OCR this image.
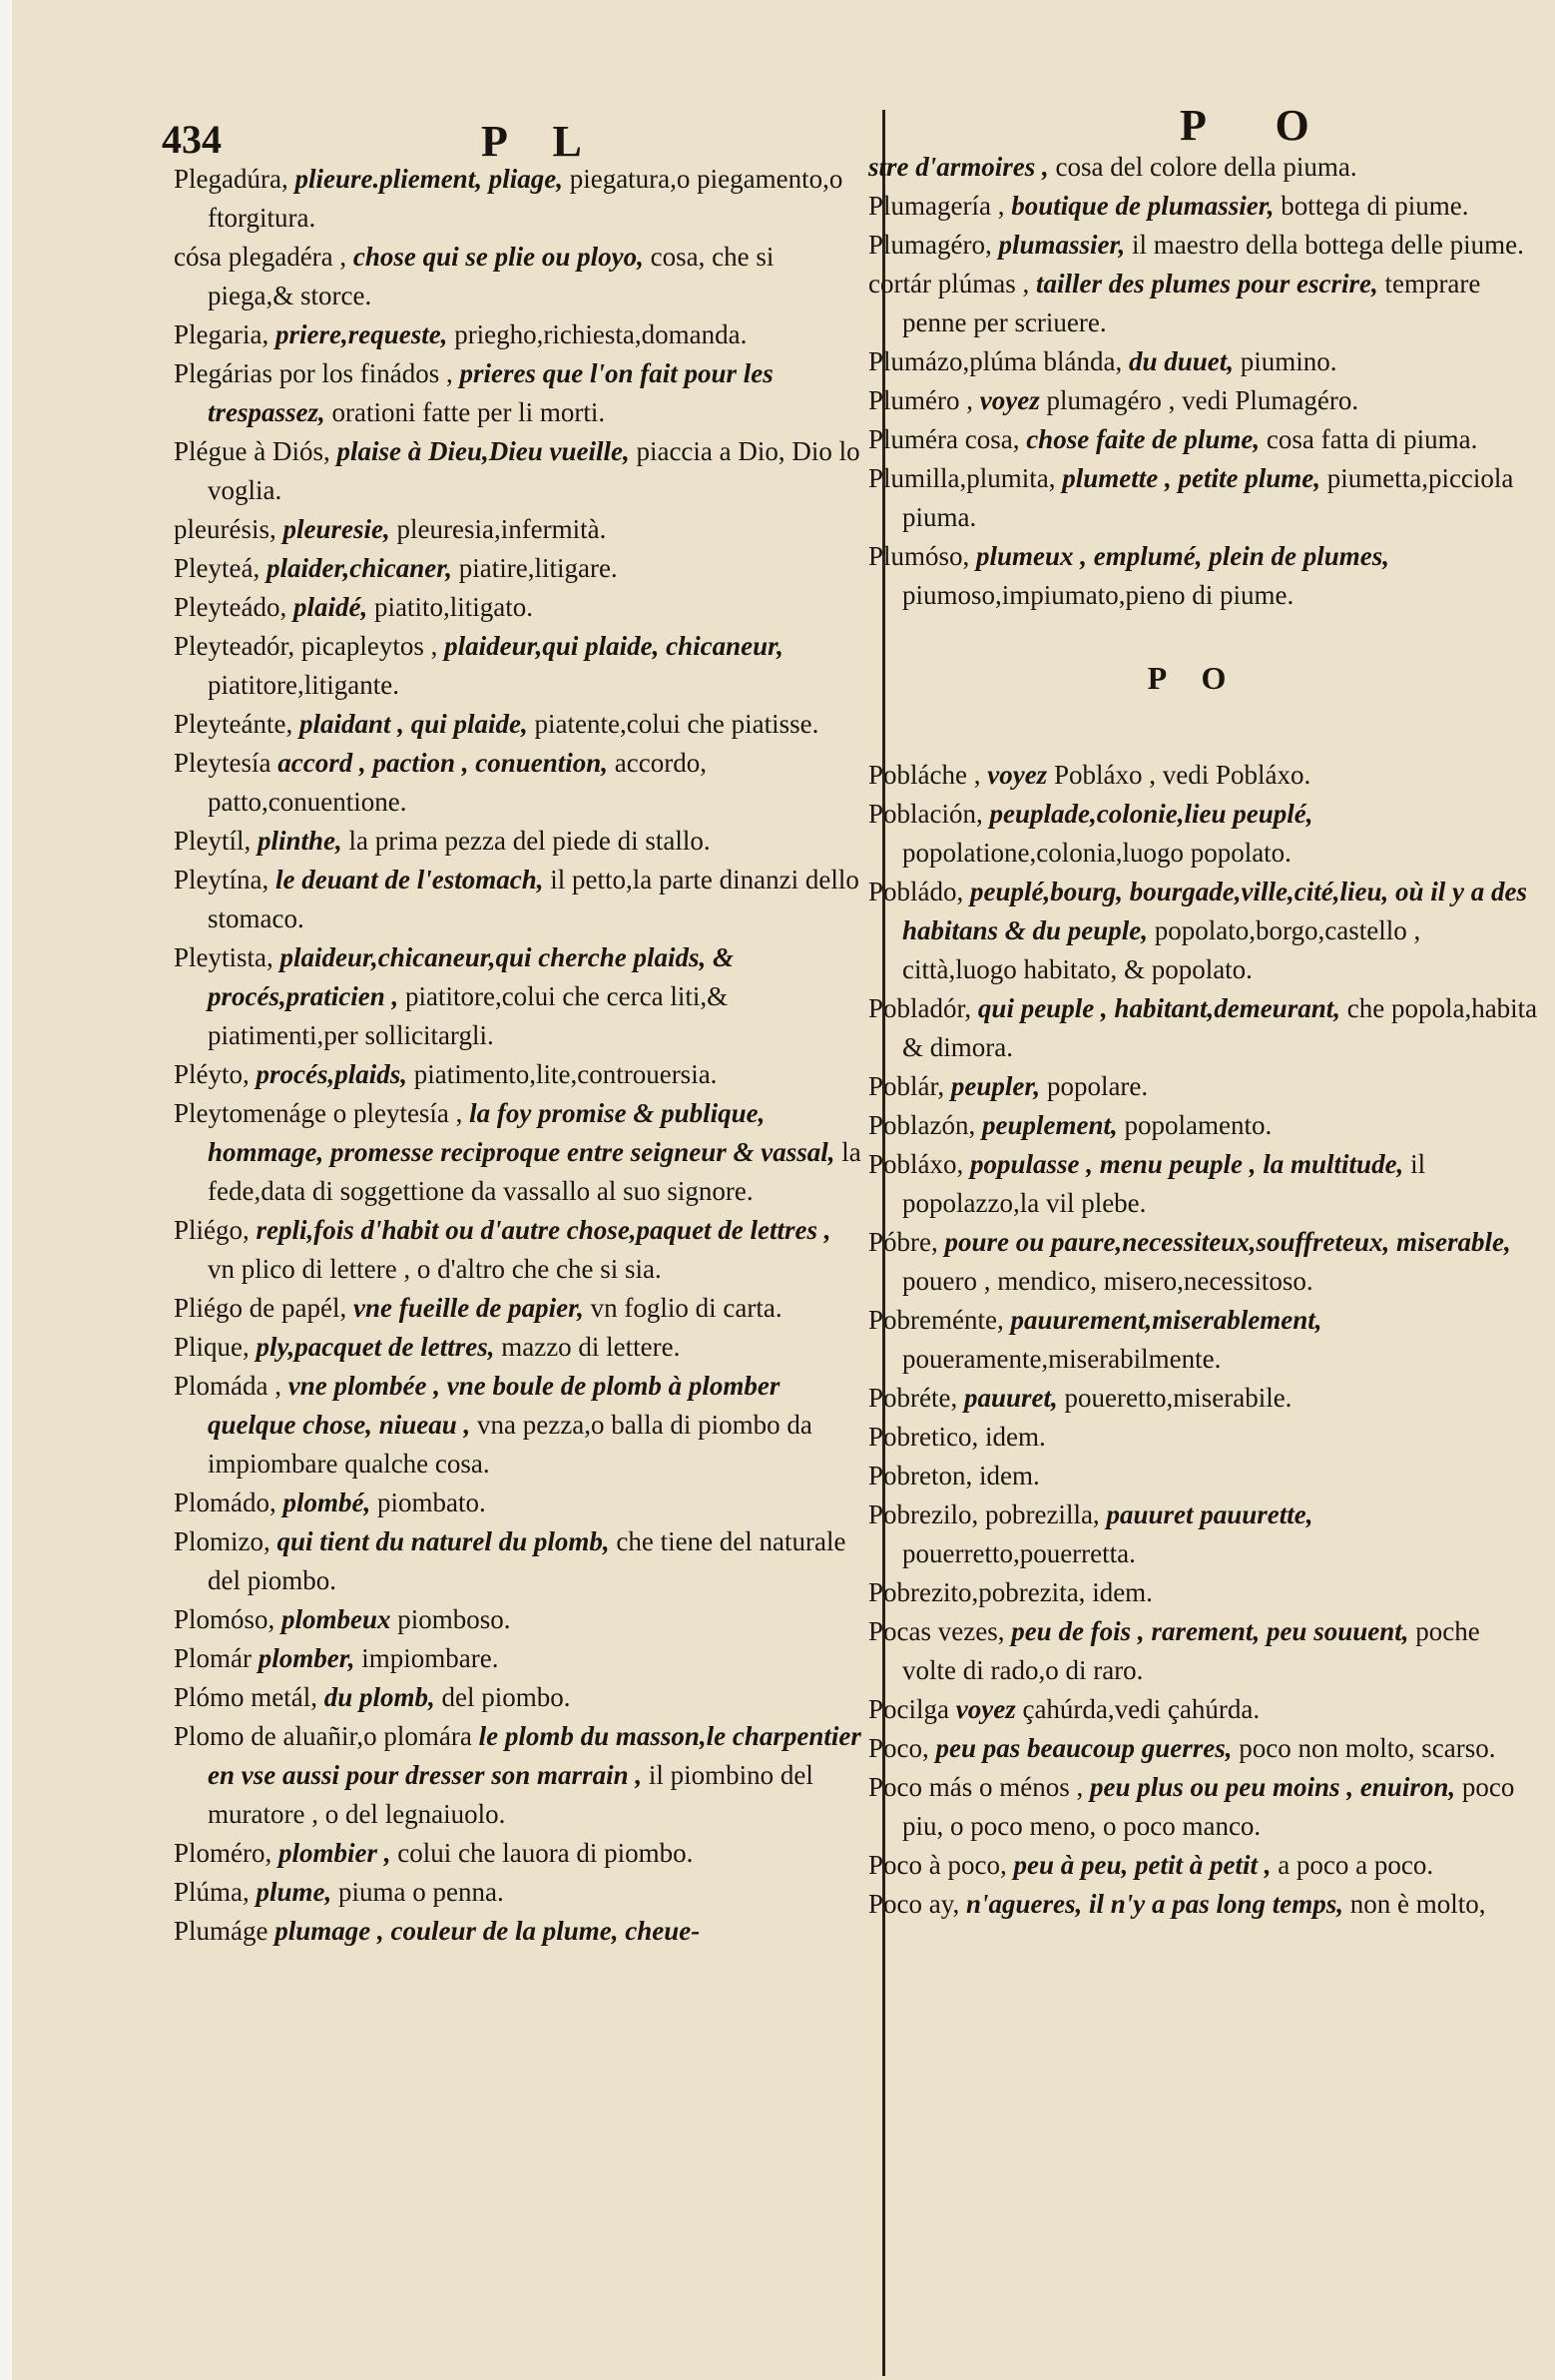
434	P L	P O

Plegadúra, plieure.pliement, pliage, piegatura,o piegamento,o ftorgitura.

cósa plegadéra , chose qui se plie ou ployo, cosa, che si piega,& storce.

Plegaria, priere,requeste, prieghо,richiesta,domanda.

Plegárias por los finádos , prieres que l'on fait pour les trespassez, orationi fatte per li morti.

Plégue à Diós, plaise à Dieu,Dieu vueille, piaccia a Dio, Dio lo voglia.

pleurésis, pleuresie, pleuresia,infermità.

Pleyteá, plaider,chicaner, piatire,litigare.

Pleyteádo, plaidé, piatito,litigato.

Pleyteadór, picapleytos , plaideur,qui plaide, chicaneur, piatitore,litigante.

Pleyteánte, plaidant , qui plaide, piatente,colui che piatisse.

Pleytesía accord , paction , conuention, accordo, patto,conuentione.

Pleytíl, plinthe, la prima pezza del piede di stallo.

Pleytína, le deuant de l'estomach, il petto,la parte dinanzi dello stomaco.

Pleytista, plaideur,chicaneur,qui cherche plaids, & procés,praticien , piatitore,colui che cerca liti,& piatimenti,per sollicitargli.

Pléyto, procés,plaids, piatimento,lite,controuersia.

Pleytomenáge o pleytesía , la foy promise & publique, hommage, promesse reciproque entre seigneur & vassal, la fede,data di soggettione da vassallo al suo signore.

Pliégo, repli,fois d'habit ou d'autre chose,paquet de lettres , vn plico di lettere , o d'altro che che si sia.

Pliégo de papél, vne fueille de papier, vn foglio di carta.

Plique, ply,pacquet de lettres, mazzo di lettere.

Plomáda , vne plombée , vne boule de plomb à plomber quelque chose, niueau , vna pezza,o balla di piombo da impiombare qualche cosa.

Plomádo, plombé, piombato.

Plomizo, qui tient du naturel du plomb, che tiene del naturale del piombo.

Plomóso, plombeux piomboso.

Plomár plomber, impiombare.

Plómo metál, du plomb, del piombo.

Plomo de aluañir,o plomára le plomb du masson,le charpentier en vse aussi pour dresser son marrain , il piombino del muratore , o del legnaiuolo.

Ploméro, plombier , colui che lauora di piombo.

Plúma, plume, piuma o penna.

Plumáge plumage , couleur de la plume, cheue-

stre d'armoires , cosa del colore della piuma.

Plumagería , boutique de plumassier, bottega di piume.

Plumagéro, plumassier, il maestro della bottega delle piume.

cortár plúmas , tailler des plumes pour escrire, temprare penne per scriuere.

Plumázo,plúma blánda, du duuet, piumino.

Pluméro , voyez plumagéro , vedi Plumagéro.

Pluméra cosa, chose faite de plume, cosa fatta di piuma.

Plumilla,plumita, plumette , petite plume, piumetta,picciola piuma.

Plumóso, plumeux , emplumé, plein de plumes, piumoso,impiumato,pieno di piume.

P O

Pobláche , voyez Pobláxo , vedi Pobláxo.

Población, peuplade,colonie,lieu peuplé, popolatione,colonia,luogo popolato.

Pobládo, peuplé,bourg, bourgade,ville,cité,lieu, où il y a des habitans & du peuple, popolato,borgo,castello , città,luogo habitato, & popolato.

Pobladór, qui peuple , habitant,demeurant, che popola,habita & dimora.

Poblár, peupler, popolare.

Poblazón, peuplement, popolamento.

Pobláxo, populasse , menu peuple , la multitude, il popolazzo,la vil plebe.

Póbre, poure ou paure,necessiteux,souffreteux, miserable, pouero , mendico, misero,necessitoso.

Pobreménte, pauurement,miserablement, poueramente,miserabilmente.

Pobréte, pauuret, poueretto,miserabile.

Pobretico, idem.

Pobreton, idem.

Pobrezilo, pobrezilla, pauuret pauurette, pouerretto,pouerretta.

Pobrezito,pobrezita, idem.

Pocas vezes, peu de fois , rarement, peu souuent, poche volte di rado,o di raro.

Pocilga voyez çahúrda,vedi çahúrda.

Poco, peu pas beaucoup guerres, poco non molto, scarso.

Poco más o ménos , peu plus ou peu moins , enuiron, poco piu, o poco meno, o poco manco.

Poco à poco, peu à peu, petit à petit , a poco a poco.

Poco ay, n'agueres, il n'y a pas long temps, non è molto,
